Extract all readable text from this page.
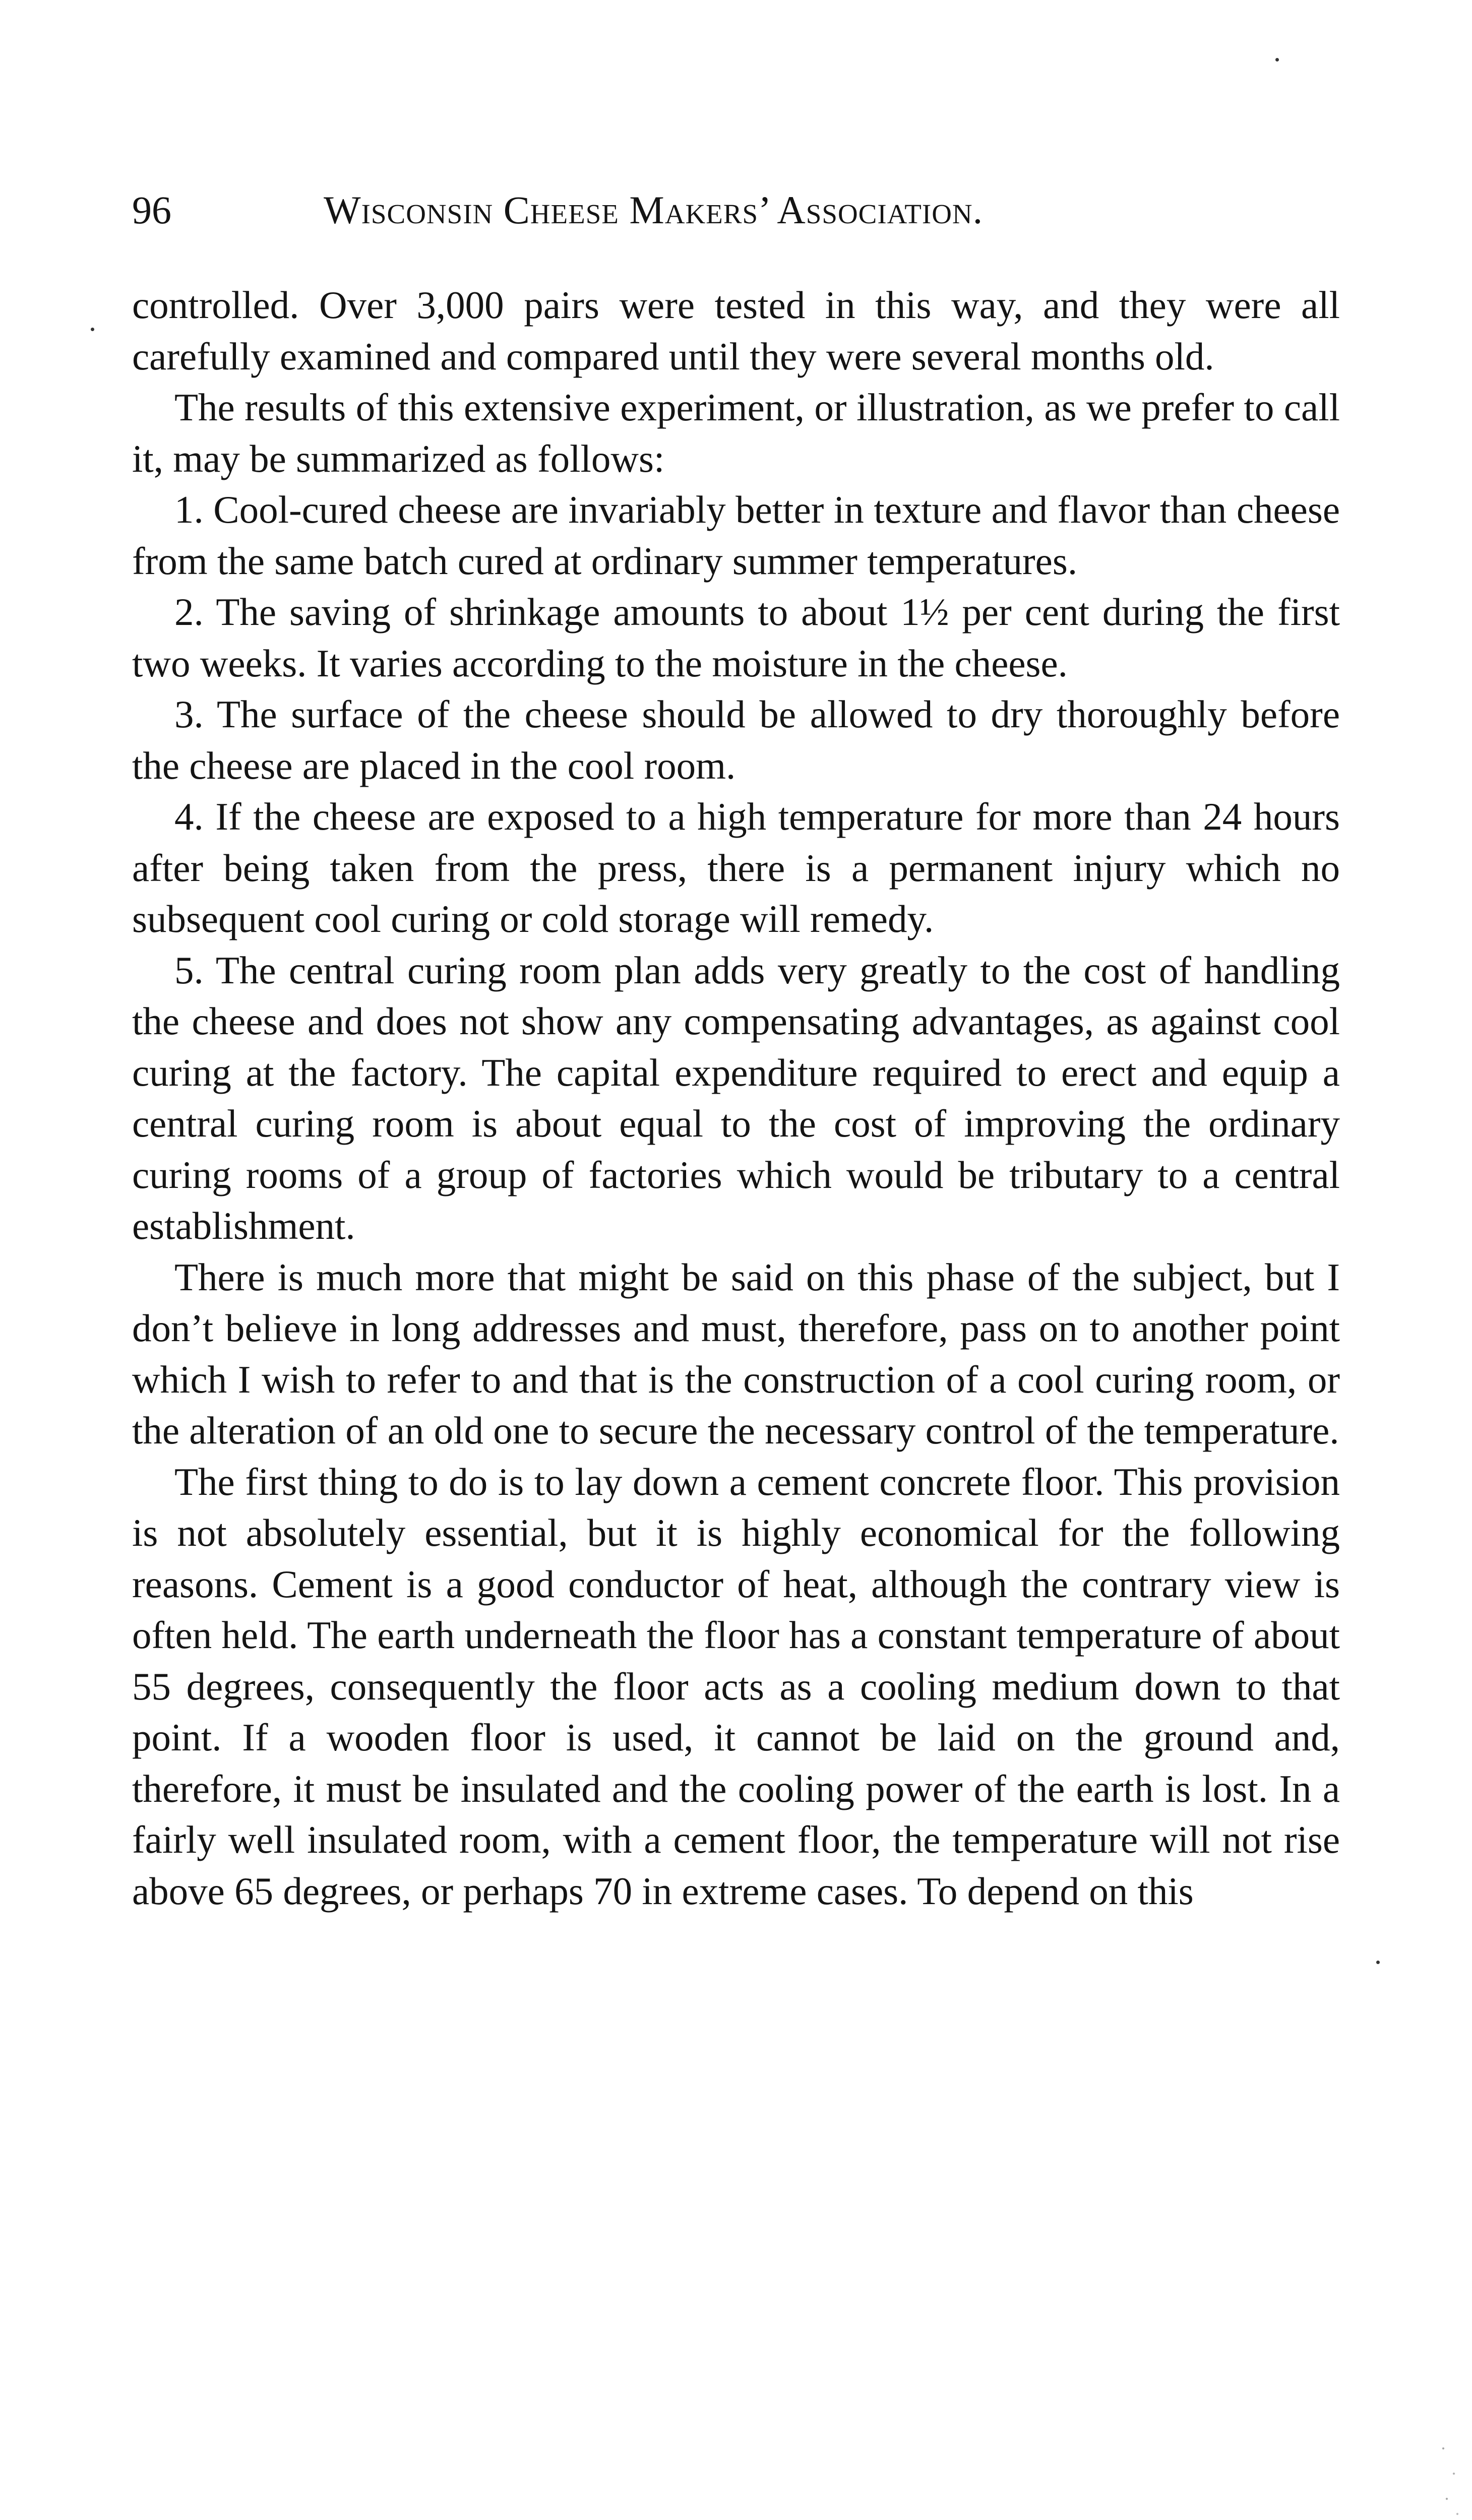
96	Wisconsin Cheese Makers’ Association.

controlled. Over 3,000 pairs were tested in this way, and they were all carefully examined and compared until they were several months old.

The results of this extensive experiment, or illustration, as we prefer to call it, may be summarized as follows:

1. Cool-cured cheese are invariably better in texture and flavor than cheese from the same batch cured at ordinary summer temperatures.

2. The saving of shrinkage amounts to about 1½ per cent during the first two weeks. It varies according to the moisture in the cheese.

3. The surface of the cheese should be allowed to dry thoroughly before the cheese are placed in the cool room.

4. If the cheese are exposed to a high temperature for more than 24 hours after being taken from the press, there is a permanent injury which no subsequent cool curing or cold storage will remedy.

5. The central curing room plan adds very greatly to the cost of handling the cheese and does not show any compensating advantages, as against cool curing at the factory. The capital expenditure required to erect and equip a central curing room is about equal to the cost of improving the ordinary curing rooms of a group of factories which would be tributary to a central establishment.

There is much more that might be said on this phase of the subject, but I don’t believe in long addresses and must, therefore, pass on to another point which I wish to refer to and that is the construction of a cool curing room, or the alteration of an old one to secure the necessary control of the temperature.

The first thing to do is to lay down a cement concrete floor. This provision is not absolutely essential, but it is highly economical for the following reasons. Cement is a good conductor of heat, although the contrary view is often held. The earth underneath the floor has a constant temperature of about 55 degrees, consequently the floor acts as a cooling medium down to that point. If a wooden floor is used, it cannot be laid on the ground and, therefore, it must be insulated and the cooling power of the earth is lost. In a fairly well insulated room, with a cement floor, the temperature will not rise above 65 degrees, or perhaps 70 in extreme cases. To depend on this
